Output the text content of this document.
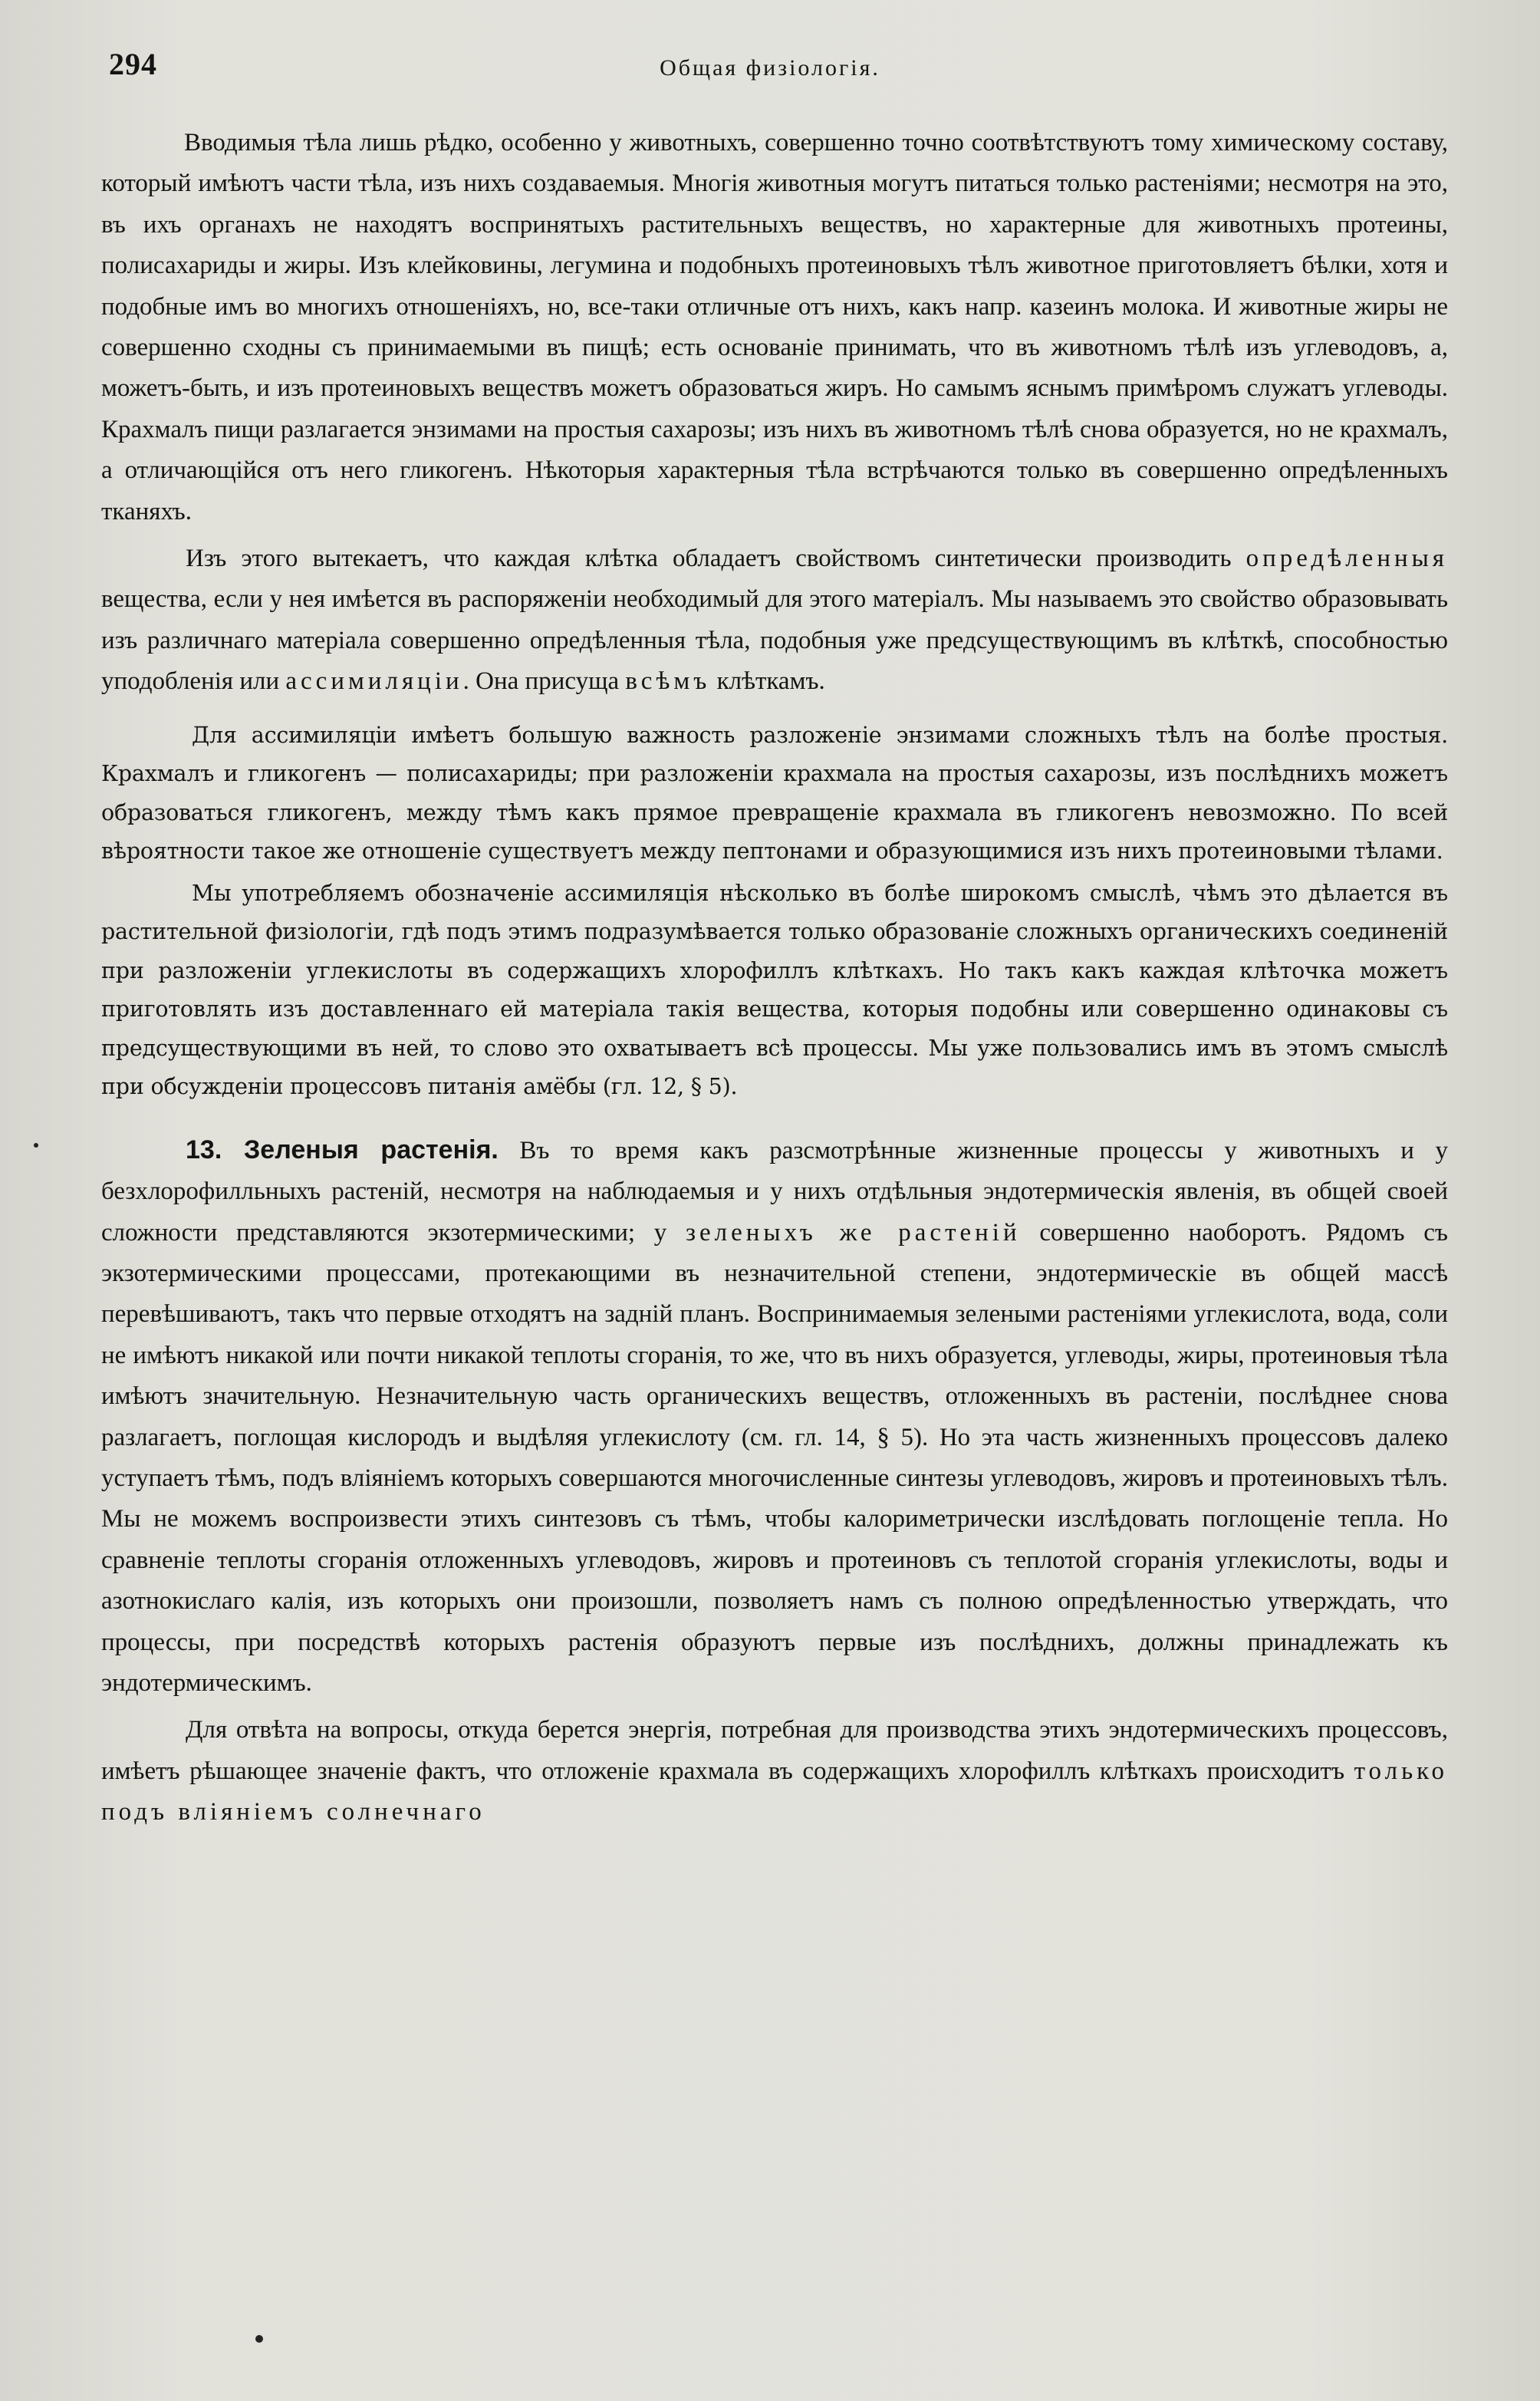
294	Общая физiологiя.

Вводимыя тѣла лишь рѣдко, особенно у животныхъ, совершенно точно соотвѣтствуютъ тому химическому составу, который имѣютъ части тѣла, изъ нихъ создаваемыя. Многiя животныя могутъ питаться только растенiями; несмотря на это, въ ихъ органахъ не находятъ воспринятыхъ растительныхъ веществъ, но характерные для животныхъ протеины, полисахариды и жиры. Изъ клейковины, легумина и подобныхъ протеиновыхъ тѣлъ животное приготовляетъ бѣлки, хотя и подобные имъ во многихъ отношенiяхъ, но, все-таки отличные отъ нихъ, какъ напр. казеинъ молока. И животные жиры не совершенно сходны съ принимаемыми въ пищѣ; есть основанiе принимать, что въ животномъ тѣлѣ изъ углеводовъ, а, можетъ-быть, и изъ протеиновыхъ веществъ можетъ образоваться жиръ. Но самымъ яснымъ примѣромъ служатъ углеводы. Крахмалъ пищи разлагается энзимами на простыя сахарозы; изъ нихъ въ животномъ тѣлѣ снова образуется, но не крахмалъ, а отличающiйся отъ него гликогенъ. Нѣкоторыя характерныя тѣла встрѣчаются только въ совершенно опредѣленныхъ тканяхъ.

Изъ этого вытекаетъ, что каждая клѣтка обладаетъ свойствомъ синтетически производить опредѣленныя вещества, если у нея имѣется въ распоряженiи необходимый для этого матерiалъ. Мы называемъ это свойство образовывать изъ различнаго матерiала совершенно опредѣленныя тѣла, подобныя уже предсуществующимъ въ клѣткѣ, способностью уподобленiя или ассимиляцiи. Она присуща всѣмъ клѣткамъ.

Для ассимиляцiи имѣетъ большую важность разложенiе энзимами сложныхъ тѣлъ на болѣе простыя. Крахмалъ и гликогенъ — полисахариды; при разложенiи крахмала на простыя сахарозы, изъ послѣднихъ можетъ образоваться гликогенъ, между тѣмъ какъ прямое превращенiе крахмала въ гликогенъ невозможно. По всей вѣроятности такое же отношенiе существуетъ между пептонами и образующимися изъ нихъ протеиновыми тѣлами.

Мы употребляемъ обозначенiе ассимиляцiя нѣсколько въ болѣе широкомъ смыслѣ, чѣмъ это дѣлается въ растительной физiологiи, гдѣ подъ этимъ подразумѣвается только образованiе сложныхъ органическихъ соединенiй при разложенiи углекислоты въ содержащихъ хлорофиллъ клѣткахъ. Но такъ какъ каждая клѣточка можетъ приготовлять изъ доставленнаго ей матерiала такiя вещества, которыя подобны или совершенно одинаковы съ предсуществующими въ ней, то слово это охватываетъ всѣ процессы. Мы уже пользовались имъ въ этомъ смыслѣ при обсужденiи процессовъ питанiя амёбы (гл. 12, § 5).

13. Зеленыя растенiя. Въ то время какъ разсмотрѣнные жизненные процессы у животныхъ и у безхлорофилльныхъ растенiй, несмотря на наблюдаемыя и у нихъ отдѣльныя эндотермическiя явленiя, въ общей своей сложности представляются экзотермическими; у зеленыхъ же растенiй совершенно наоборотъ. Рядомъ съ экзотермическими процессами, протекающими въ незначительной степени, эндотермическiе въ общей массѣ перевѣшиваютъ, такъ что первые отходятъ на заднiй планъ. Воспринимаемыя зелеными растенiями углекислота, вода, соли не имѣютъ никакой или почти никакой теплоты сгоранiя, то же, что въ нихъ образуется, углеводы, жиры, протеиновыя тѣла имѣютъ значительную. Незначительную часть органическихъ веществъ, отложенныхъ въ растенiи, послѣднее снова разлагаетъ, поглощая кислородъ и выдѣляя углекислоту (см. гл. 14, § 5). Но эта часть жизненныхъ процессовъ далеко уступаетъ тѣмъ, подъ влiянiемъ которыхъ совершаются многочисленные синтезы углеводовъ, жировъ и протеиновыхъ тѣлъ. Мы не можемъ воспроизвести этихъ синтезовъ съ тѣмъ, чтобы калориметрически изслѣдовать поглощенiе тепла. Но сравненiе теплоты сгоранiя отложенныхъ углеводовъ, жировъ и протеиновъ съ теплотой сгоранiя углекислоты, воды и азотнокислаго калiя, изъ которыхъ они произошли, позволяетъ намъ съ полною опредѣленностью утверждать, что процессы, при посредствѣ которыхъ растенiя образуютъ первые изъ послѣднихъ, должны принадлежать къ эндотермическимъ.

Для отвѣта на вопросы, откуда берется энергiя, потребная для производства этихъ эндотермическихъ процессовъ, имѣетъ рѣшающее значенiе фактъ, что отложенiе крахмала въ содержащихъ хлорофиллъ клѣткахъ происходитъ только подъ влiянiемъ солнечнаго
